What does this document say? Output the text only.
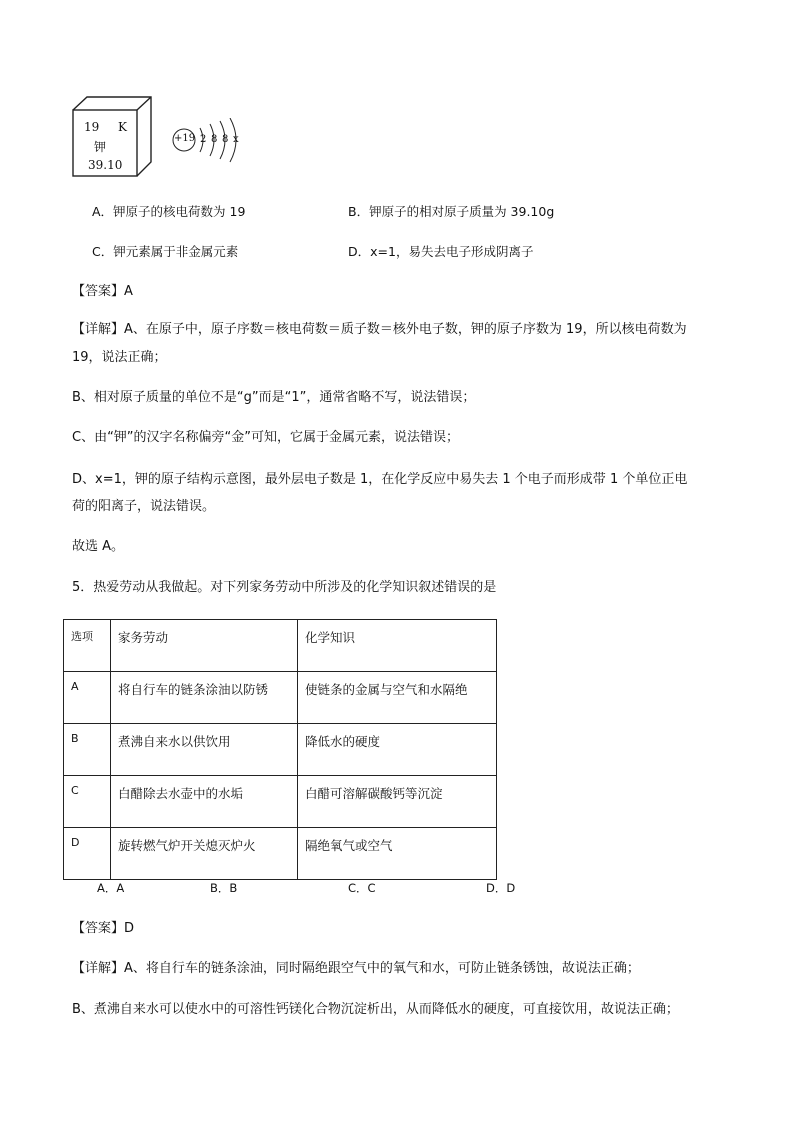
19 K
钾
39.10
+19 2 8 8 x
A．钾原子的核电荷数为 19	B．钾原子的相对原子质量为 39.10g
C．钾元素属于非金属元素	D．x=1，易失去电子形成阴离子
【答案】A
【详解】A、在原子中，原子序数＝核电荷数＝质子数＝核外电子数，钾的原子序数为 19，所以核电荷数为
19，说法正确；
B、相对原子质量的单位不是“g”而是“1”，通常省略不写，说法错误；
C、由“钾”的汉字名称偏旁“金”可知，它属于金属元素，说法错误；
D、x=1，钾的原子结构示意图，最外层电子数是 1，在化学反应中易失去 1 个电子而形成带 1 个单位正电
荷的阳离子，说法错误。
故选 A。
5．热爱劳动从我做起。对下列家务劳动中所涉及的化学知识叙述错误的是
选项	家务劳动	化学知识
A	将自行车的链条涂油以防锈	使链条的金属与空气和水隔绝
B	煮沸自来水以供饮用	降低水的硬度
C	白醋除去水壶中的水垢	白醋可溶解碳酸钙等沉淀
D	旋转燃气炉开关熄灭炉火	隔绝氧气或空气
A．A	B．B	C．C	D．D
【答案】D
【详解】A、将自行车的链条涂油，同时隔绝跟空气中的氧气和水，可防止链条锈蚀，故说法正确；
B、煮沸自来水可以使水中的可溶性钙镁化合物沉淀析出，从而降低水的硬度，可直接饮用，故说法正确；
